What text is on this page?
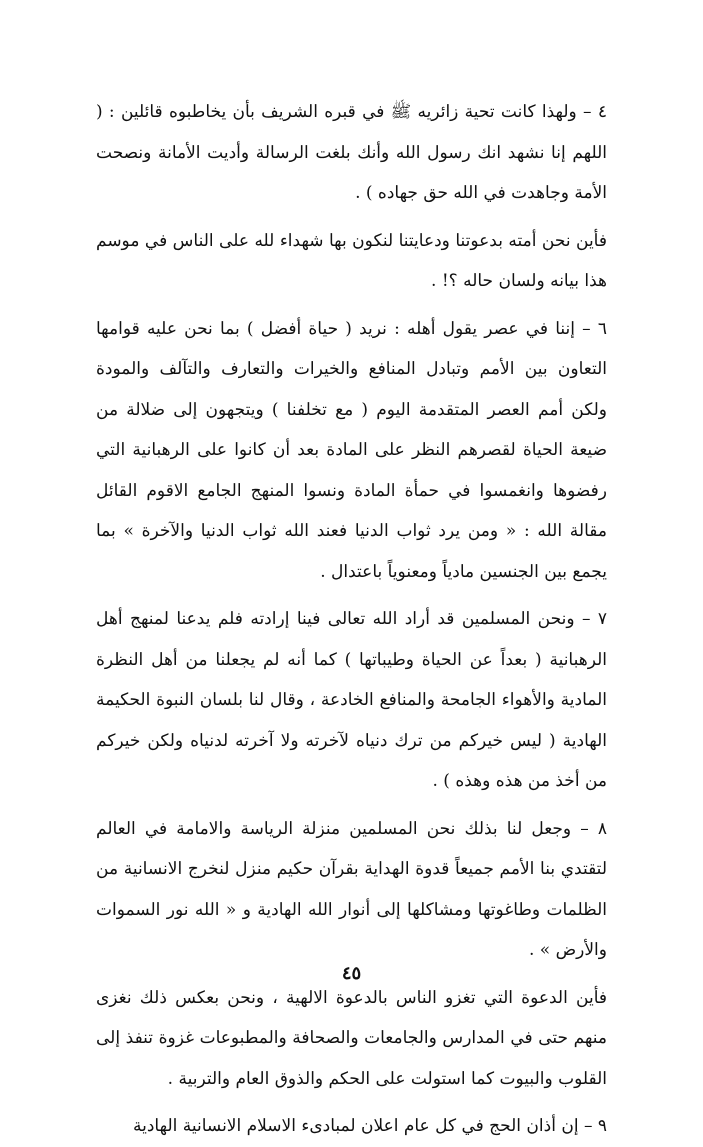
٤ – ولهذا كانت تحية زائريه ﷺ في قبره الشريف بأن يخاطبوه قائلين : ( اللهم إنا نشهد انك رسول الله وأنك بلغت الرسالة وأديت الأمانة ونصحت الأمة وجاهدت في الله حق جهاده ) .

فأين نحن أمته بدعوتنا ودعايتنا لنكون بها شهداء لله على الناس في موسم هذا بيانه ولسان حاله ؟! .

٦ – إننا في عصر يقول أهله : نريد ( حياة أفضل ) بما نحن عليه قوامها التعاون بين الأمم وتبادل المنافع والخيرات والتعارف والتآلف والمودة ولكن أمم العصر المتقدمة اليوم ( مع تخلفنا ) ويتجهون إلى ضلالة من ضيعة الحياة لقصرهم النظر على المادة بعد أن كانوا على الرهبانية التي رفضوها وانغمسوا في حمأة المادة ونسوا المنهج الجامع الاقوم القائل مقالة الله : « ومن يرد ثواب الدنيا فعند الله ثواب الدنيا والآخرة » بما يجمع بين الجنسين مادياً ومعنوياً باعتدال .

٧ – ونحن المسلمين قد أراد الله تعالى فينا إرادته فلم يدعنا لمنهج أهل الرهبانية ( بعداً عن الحياة وطيباتها ) كما أنه لم يجعلنا من أهل النظرة المادية والأهواء الجامحة والمنافع الخادعة ، وقال لنا بلسان النبوة الحكيمة الهادية ( ليس خيركم من ترك دنياه لآخرته ولا آخرته لدنياه ولكن خيركم من أخذ من هذه وهذه ) .

٨ – وجعل لنا بذلك نحن المسلمين منزلة الرياسة والامامة في العالم لتقتدي بنا الأمم جميعاً قدوة الهداية بقرآن حكيم منزل لنخرج الانسانية من الظلمات وطاغوتها ومشاكلها إلى أنوار الله الهادية و « الله نور السموات والأرض » .

فأين الدعوة التي تغزو الناس بالدعوة الالهية ، ونحن بعكس ذلك نغزى منهم حتى في المدارس والجامعات والصحافة والمطبوعات غزوة تنفذ إلى القلوب والبيوت كما استولت على الحكم والذوق العام والتربية .

٩ – إن أذان الحج في كل عام اعلان لمبادىء الاسلام الانسانية الهادية

٤٥
